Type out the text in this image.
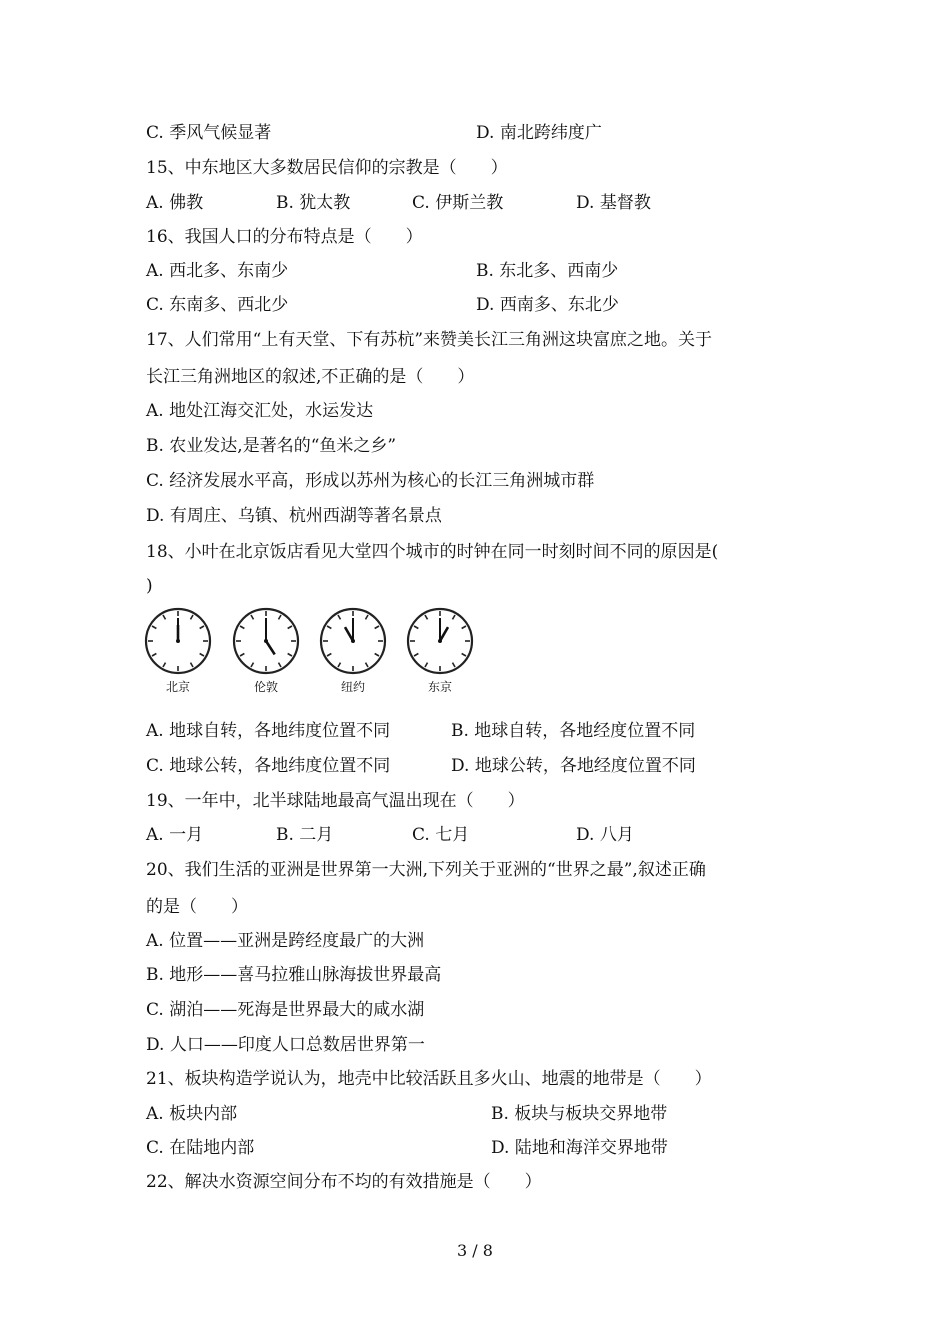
C. 季风气候显著	D. 南北跨纬度广
15、中东地区大多数居民信仰的宗教是（　　）
A. 佛教	B. 犹太教	C. 伊斯兰教	D. 基督教
16、我国人口的分布特点是（　　）
A. 西北多、东南少	B. 东北多、西南少
C. 东南多、西北少	D. 西南多、东北少
17、人们常用“上有天堂、下有苏杭”来赞美长江三角洲这块富庶之地。关于
长江三角洲地区的叙述,不正确的是（　　）
A. 地处江海交汇处，水运发达
B. 农业发达,是著名的“鱼米之乡”
C. 经济发展水平高，形成以苏州为核心的长江三角洲城市群
D. 有周庄、乌镇、杭州西湖等著名景点
18、小叶在北京饭店看见大堂四个城市的时钟在同一时刻时间不同的原因是(
)
A. 地球自转，各地纬度位置不同	B. 地球自转，各地经度位置不同
C. 地球公转，各地纬度位置不同	D. 地球公转，各地经度位置不同
19、一年中，北半球陆地最高气温出现在（　　）
A. 一月	B. 二月	C. 七月	D. 八月
20、我们生活的亚洲是世界第一大洲,下列关于亚洲的“世界之最”,叙述正确
的是（　　）
A. 位置——亚洲是跨经度最广的大洲
B. 地形——喜马拉雅山脉海拔世界最高
C. 湖泊——死海是世界最大的咸水湖
D. 人口——印度人口总数居世界第一
21、板块构造学说认为，地壳中比较活跃且多火山、地震的地带是（　　）
A. 板块内部	B. 板块与板块交界地带
C. 在陆地内部	D. 陆地和海洋交界地带
22、解决水资源空间分布不均的有效措施是（　　）
北京	伦敦	纽约	东京
3 / 8
